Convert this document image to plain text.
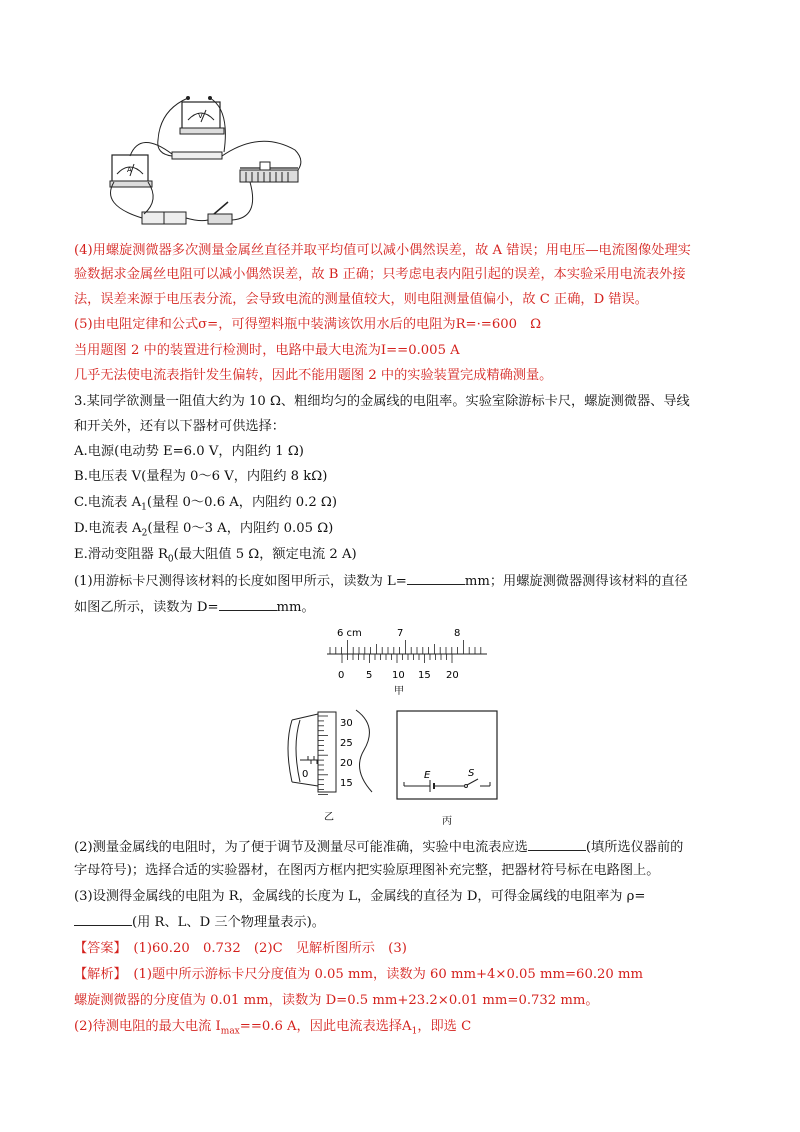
V
A
(4)用螺旋测微器多次测量金属丝直径并取平均值可以减小偶然误差，故 A 错误；用电压—电流图像处理实
验数据求金属丝电阻可以减小偶然误差，故 B 正确；只考虑电表内阻引起的误差，本实验采用电流表外接
法，误差来源于电压表分流，会导致电流的测量值较大，则电阻测量值偏小，故 C 正确，D 错误。
(5)由电阻定律和公式σ=，可得塑料瓶中装满该饮用水后的电阻为R=·=600　Ω
当用题图 2 中的装置进行检测时，电路中最大电流为I==0.005 A
几乎无法使电流表指针发生偏转，因此不能用题图 2 中的实验装置完成精确测量。
3.某同学欲测量一阻值大约为 10 Ω、粗细均匀的金属线的电阻率。实验室除游标卡尺，螺旋测微器、导线
和开关外，还有以下器材可供选择：
A.电源(电动势 E=6.0 V，内阻约 1 Ω)
B.电压表 V(量程为 0～6 V，内阻约 8 kΩ)
C.电流表 $A_1$(量程 0～0.6 A，内阻约 0.2 Ω)
D.电流表 $A_2$(量程 0～3 A，内阻约 0.05 Ω)
E.滑动变阻器 $R_0$(最大阻值 5 Ω，额定电流 2 A)
(1)用游标卡尺测得该材料的长度如图甲所示，读数为 L=	mm；用螺旋测微器测得该材料的直径
如图乙所示，读数为 D=	mm。
6 cm	7	8
0 5 10 15 20
甲
0
30
25
20
15
乙
E	S
丙
(2)测量金属线的电阻时，为了便于调节及测量尽可能准确，实验中电流表应选	(填所选仪器前的
字母符号)；选择合适的实验器材，在图丙方框内把实验原理图补充完整，把器材符号标在电路图上。
(3)设测得金属线的电阻为 R，金属线的长度为 L，金属线的直径为 D，可得金属线的电阻率为 ρ=
(用 R、L、D 三个物理量表示)。
【答案】　 (1)60.20　0.732　(2)C　见解析图所示　(3)
【解析】　 (1)题中所示游标卡尺分度值为 0.05 mm，读数为 60 mm+4×0.05 mm=60.20 mm
螺旋测微器的分度值为 0.01 mm，读数为 D=0.5 mm+23.2×0.01 mm=0.732 mm。
(2)待测电阻的最大电流 $I_{max}==0.6$ A，因此电流表选择$A_1$，即选 C
